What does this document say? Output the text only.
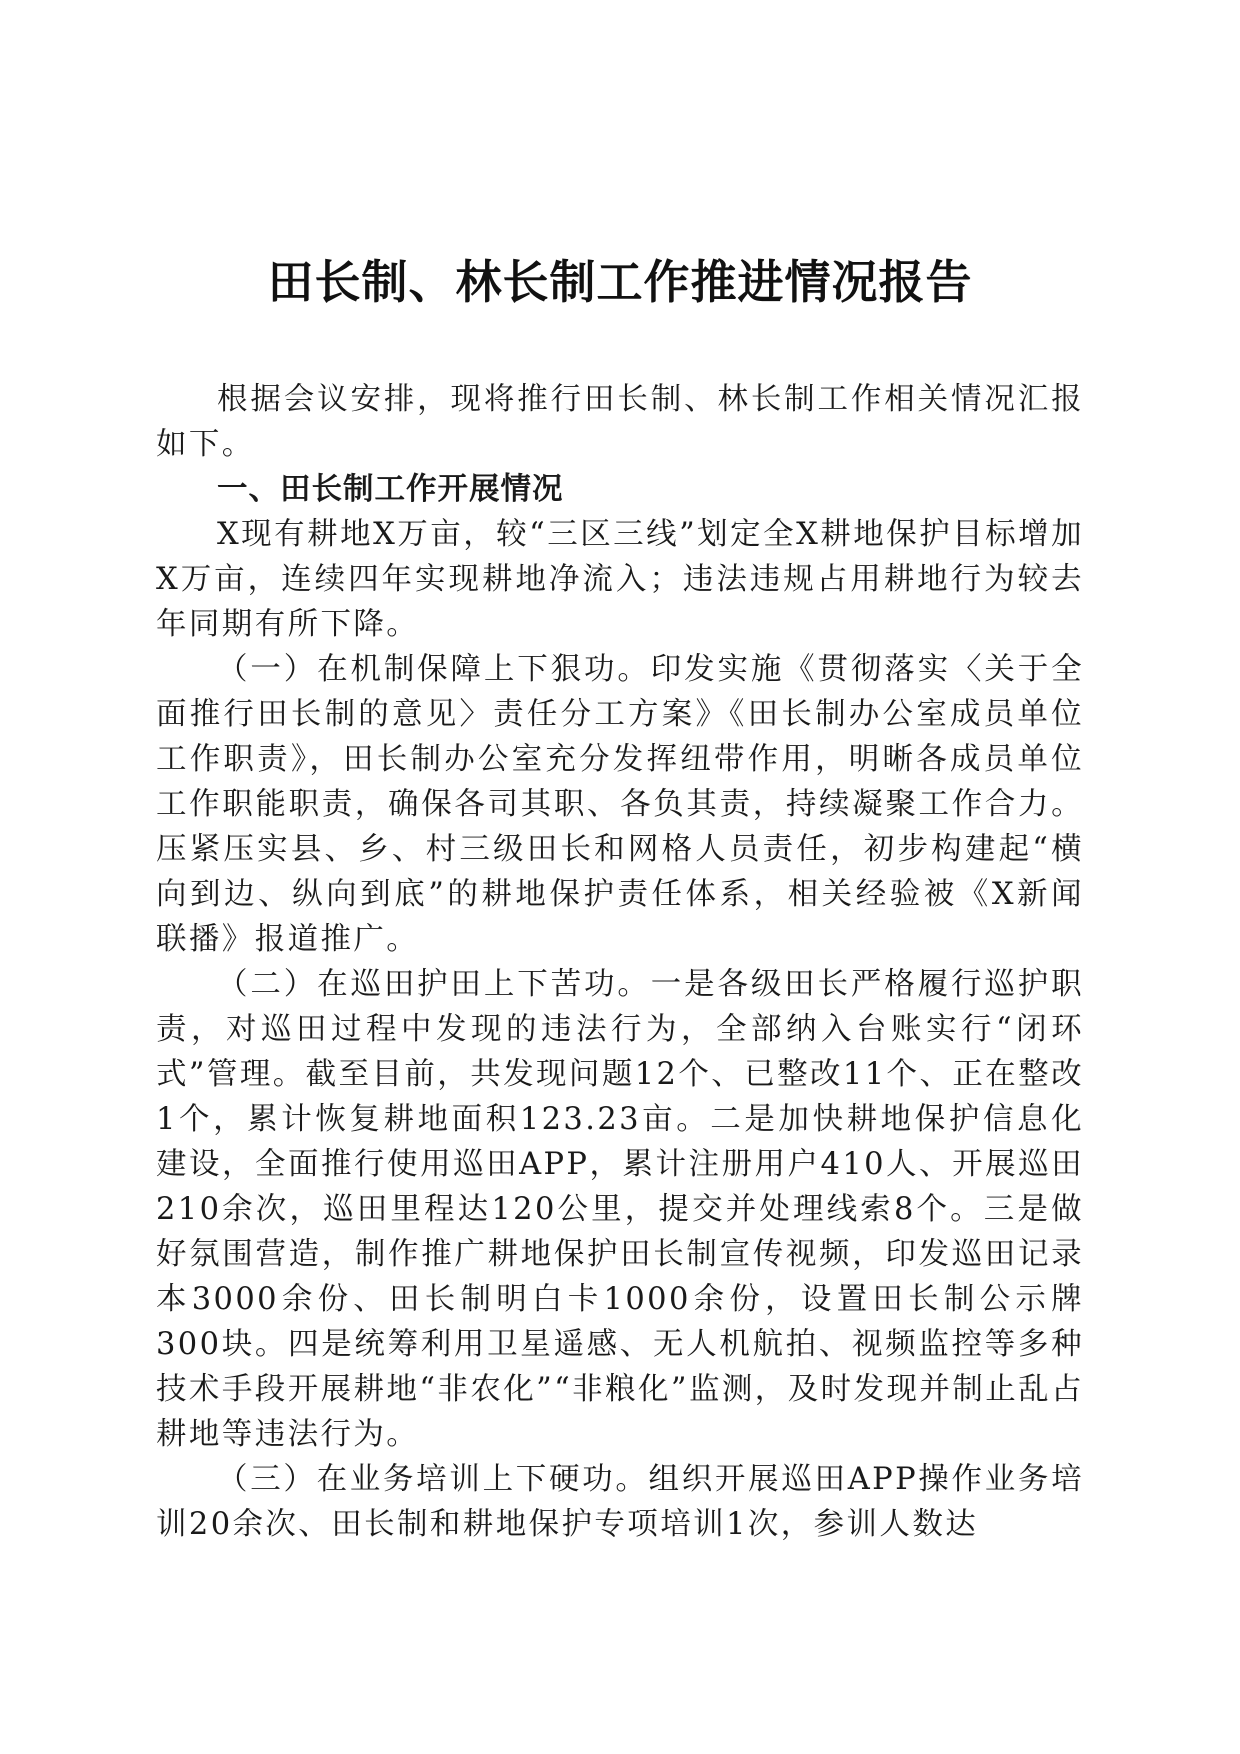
田长制、林长制工作推进情况报告

根据会议安排，现将推行田长制、林长制工作相关情况汇报如下。

一、田长制工作开展情况

X现有耕地X万亩，较“三区三线”划定全X耕地保护目标增加X万亩，连续四年实现耕地净流入；违法违规占用耕地行为较去年同期有所下降。

（一）在机制保障上下狠功。印发实施《贯彻落实〈关于全面推行田长制的意见〉责任分工方案》《田长制办公室成员单位工作职责》，田长制办公室充分发挥纽带作用，明晰各成员单位工作职能职责，确保各司其职、各负其责，持续凝聚工作合力。压紧压实县、乡、村三级田长和网格人员责任，初步构建起“横向到边、纵向到底”的耕地保护责任体系，相关经验被《X新闻联播》报道推广。

（二）在巡田护田上下苦功。一是各级田长严格履行巡护职责，对巡田过程中发现的违法行为，全部纳入台账实行“闭环式”管理。截至目前，共发现问题12个、已整改11个、正在整改1个，累计恢复耕地面积123.23亩。二是加快耕地保护信息化建设，全面推行使用巡田APP，累计注册用户410人、开展巡田210余次，巡田里程达120公里，提交并处理线索8个。三是做好氛围营造，制作推广耕地保护田长制宣传视频，印发巡田记录本3000余份、田长制明白卡1000余份，设置田长制公示牌300块。四是统筹利用卫星遥感、无人机航拍、视频监控等多种技术手段开展耕地“非农化”“非粮化”监测，及时发现并制止乱占耕地等违法行为。

（三）在业务培训上下硬功。组织开展巡田APP操作业务培训20余次、田长制和耕地保护专项培训1次，参训人数达
